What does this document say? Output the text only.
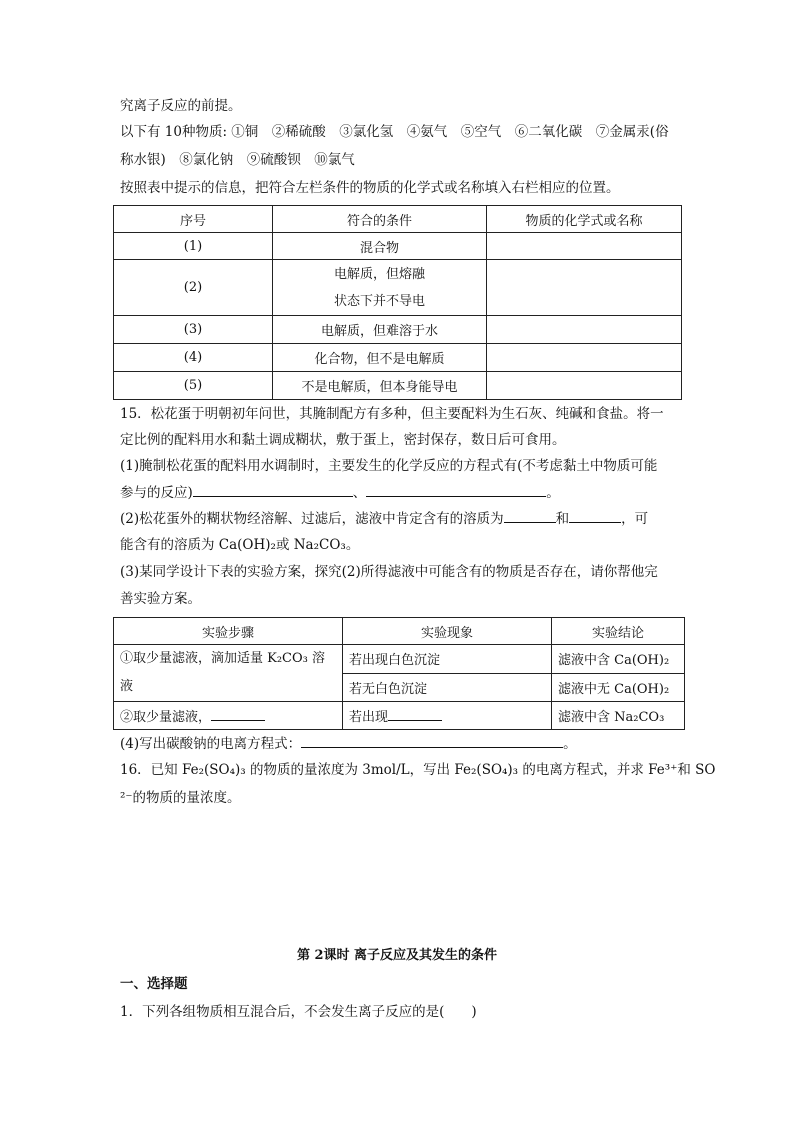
究离子反应的前提。
以下有 10种物质: ①铜　②稀硫酸　③氯化氢　④氨气　⑤空气　⑥二氧化碳　⑦金属汞(俗
称水银)　⑧氯化钠　⑨硫酸钡　⑩氯气
按照表中提示的信息，把符合左栏条件的物质的化学式或名称填入右栏相应的位置。
序号	符合的条件	物质的化学式或名称
(1)	混合物	
(2)	电解质，但熔融
状态下并不导电	

(3)	电解质，但难溶于水	
(4)	化合物，但不是电解质	
(5)	不是电解质，但本身能导电	
15．松花蛋于明朝初年问世，其腌制配方有多种，但主要配料为生石灰、纯碱和食盐。将一
定比例的配料用水和黏土调成糊状，敷于蛋上，密封保存，数日后可食用。
(1)腌制松花蛋的配料用水调制时，主要发生的化学反应的方程式有(不考虑黏土中物质可能
参与的反应)	、	。
(2)松花蛋外的糊状物经溶解、过滤后，滤液中肯定含有的溶质为	和	，可
能含有的溶质为 Ca(OH)₂或 Na₂CO₃。
(3)某同学设计下表的实验方案，探究(2)所得滤液中可能含有的物质是否存在，请你帮他完
善实验方案。
实验步骤	实验现象	实验结论

①取少量滤液，滴加适量 K₂CO₃ 溶
液	若出现白色沉淀	滤液中含 Ca(OH)₂
	若无白色沉淀	滤液中无 Ca(OH)₂
②取少量滤液，	若出现	滤液中含 Na₂CO₃
(4)写出碳酸钠的电离方程式：	。
16．已知 Fe₂(SO₄)₃ 的物质的量浓度为 3mol/L，写出 Fe₂(SO₄)₃ 的电离方程式，并求 Fe³⁺和 SO
²⁻的物质的量浓度。
第 2课时 离子反应及其发生的条件
一、选择题
1．下列各组物质相互混合后，不会发生离子反应的是(　　)
